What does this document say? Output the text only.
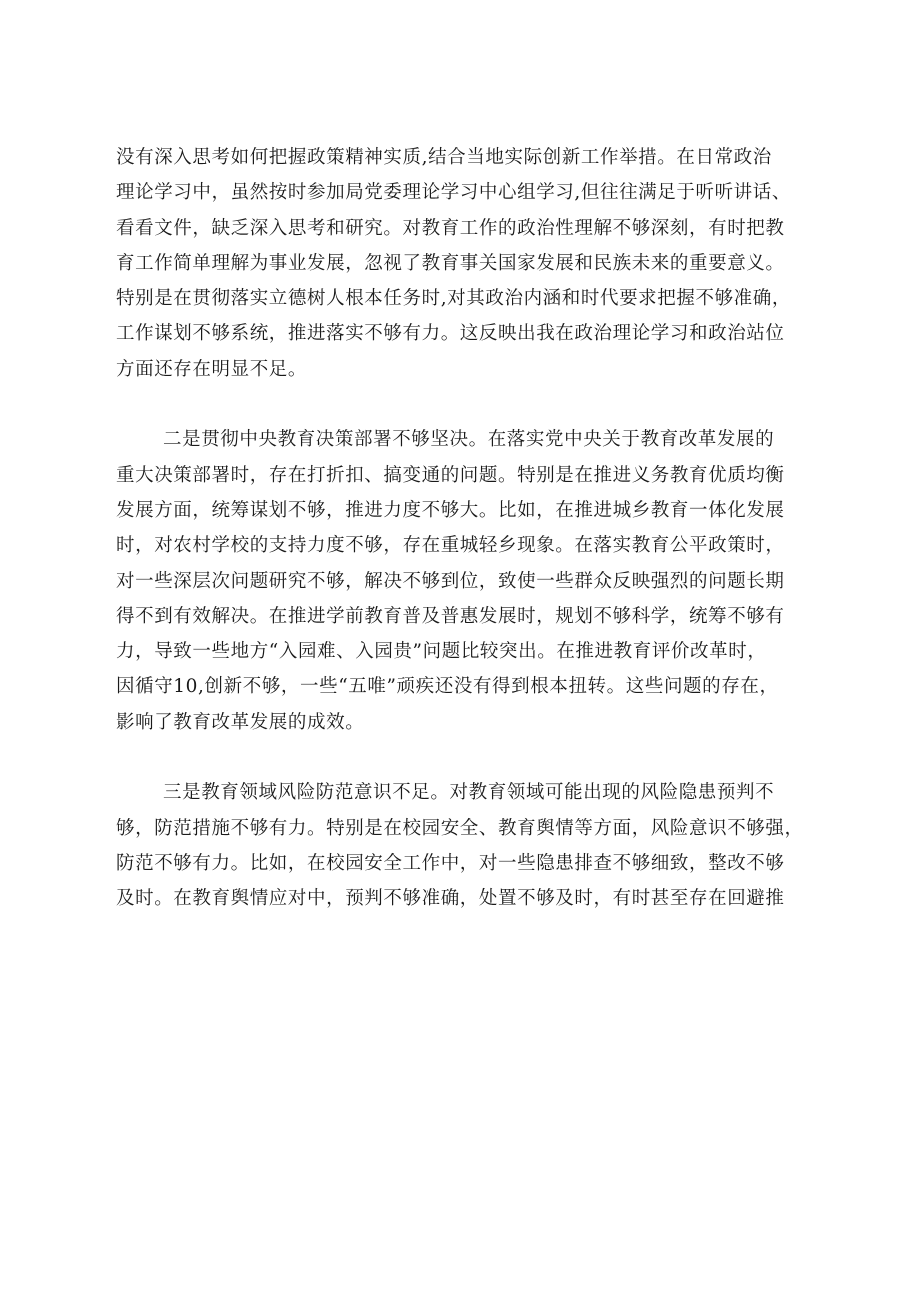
没有深入思考如何把握政策精神实质,结合当地实际创新工作举措。在日常政治
理论学习中，虽然按时参加局党委理论学习中心组学习,但往往满足于听听讲话、
看看文件，缺乏深入思考和研究。对教育工作的政治性理解不够深刻，有时把教
育工作简单理解为事业发展，忽视了教育事关国家发展和民族未来的重要意义。
特别是在贯彻落实立德树人根本任务时,对其政治内涵和时代要求把握不够准确，
工作谋划不够系统，推进落实不够有力。这反映出我在政治理论学习和政治站位
方面还存在明显不足。
二是贯彻中央教育决策部署不够坚决。在落实党中央关于教育改革发展的
重大决策部署时，存在打折扣、搞变通的问题。特别是在推进义务教育优质均衡
发展方面，统筹谋划不够，推进力度不够大。比如，在推进城乡教育一体化发展
时，对农村学校的支持力度不够，存在重城轻乡现象。在落实教育公平政策时，
对一些深层次问题研究不够，解决不够到位，致使一些群众反映强烈的问题长期
得不到有效解决。在推进学前教育普及普惠发展时，规划不够科学，统筹不够有
力，导致一些地方“入园难、入园贵”问题比较突出。在推进教育评价改革时，
因循守10,创新不够，一些“五唯”顽疾还没有得到根本扭转。这些问题的存在，
影响了教育改革发展的成效。
三是教育领域风险防范意识不足。对教育领域可能出现的风险隐患预判不
够，防范措施不够有力。特别是在校园安全、教育舆情等方面，风险意识不够强，
防范不够有力。比如，在校园安全工作中，对一些隐患排查不够细致，整改不够
及时。在教育舆情应对中，预判不够准确，处置不够及时，有时甚至存在回避推
